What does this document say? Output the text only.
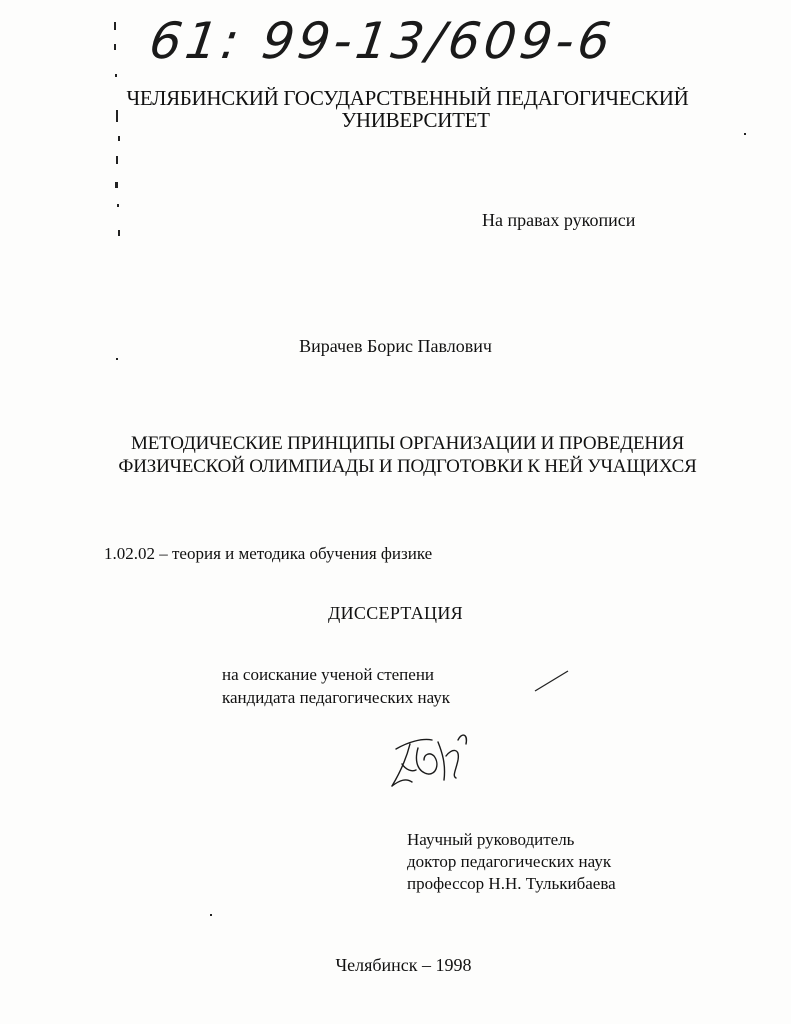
61: 99-13/609-6
ЧЕЛЯБИНСКИЙ ГОСУДАРСТВЕННЫЙ ПЕДАГОГИЧЕСКИЙ
УНИВЕРСИТЕТ
На правах рукописи
Вирачев Борис Павлович
МЕТОДИЧЕСКИЕ ПРИНЦИПЫ ОРГАНИЗАЦИИ И ПРОВЕДЕНИЯ
ФИЗИЧЕСКОЙ ОЛИМПИАДЫ И ПОДГОТОВКИ К НЕЙ УЧАЩИХСЯ
1.02.02 – теория и методика обучения физике
ДИССЕРТАЦИЯ
на соискание ученой степени
кандидата педагогических наук
Научный руководитель
доктор педагогических наук
профессор Н.Н. Тулькибаева
Челябинск – 1998
